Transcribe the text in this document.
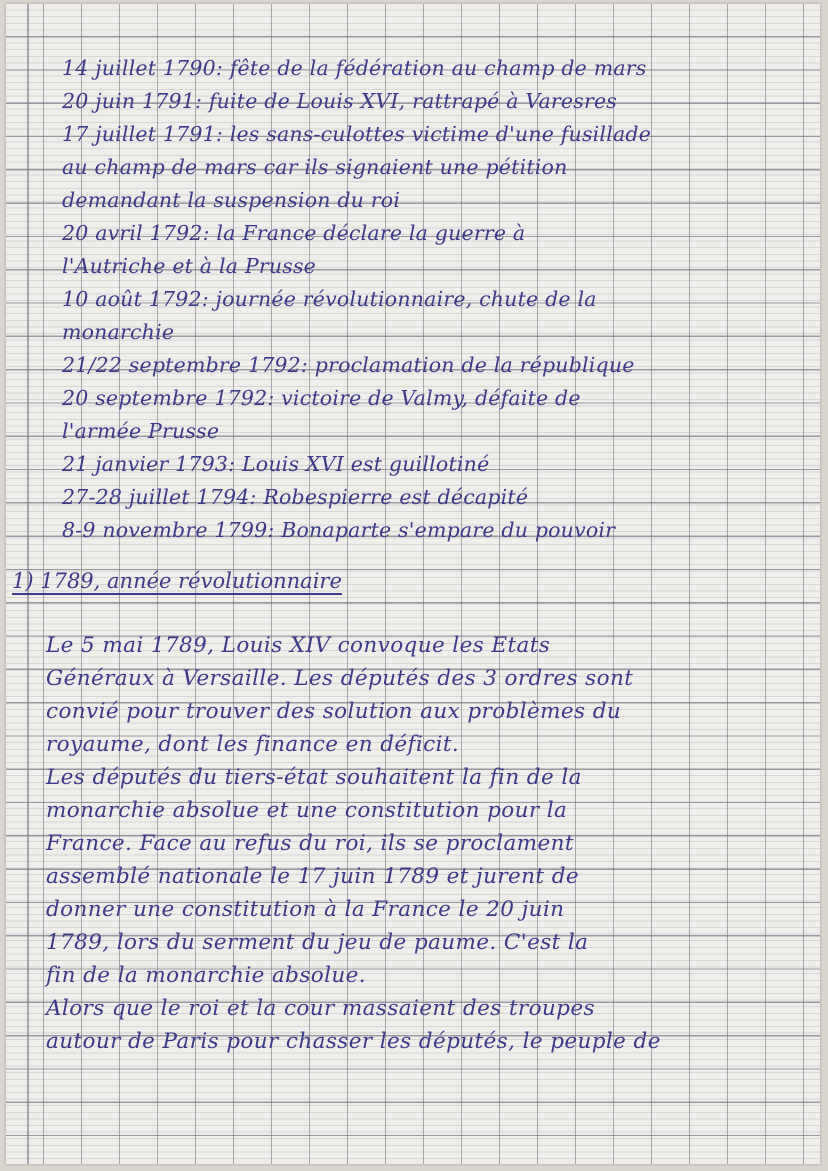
14 juillet 1790: fête de la fédération au champ de mars

20 juin 1791: fuite de Louis XVI, rattrapé à Varesres

17 juillet 1791: les sans-culottes victime d'une fusillade

au champ de mars car ils signaient une pétition

demandant la suspension du roi

20 avril 1792: la France déclare la guerre à

l'Autriche et à la Prusse

10 août 1792: journée révolutionnaire, chute de la

monarchie

21/22 septembre 1792: proclamation de la république

20 septembre 1792: victoire de Valmy, défaite de

l'armée Prusse

21 janvier 1793: Louis XVI est guillotiné

27-28 juillet 1794: Robespierre est décapité

8-9 novembre 1799: Bonaparte s'empare du pouvoir

1) 1789, année révolutionnaire

Le 5 mai 1789, Louis XIV convoque les Etats

Généraux à Versaille. Les députés des 3 ordres sont

convié pour trouver des solution aux problèmes du

royaume, dont les finance en déficit.

Les députés du tiers-état souhaitent la fin de la

monarchie absolue et une constitution pour la

France. Face au refus du roi, ils se proclament

assemblé nationale le 17 juin 1789 et jurent de

donner une constitution à la France le 20 juin

1789, lors du serment du jeu de paume. C'est la

fin de la monarchie absolue.

Alors que le roi et la cour massaient des troupes

autour de Paris pour chasser les députés, le peuple de
